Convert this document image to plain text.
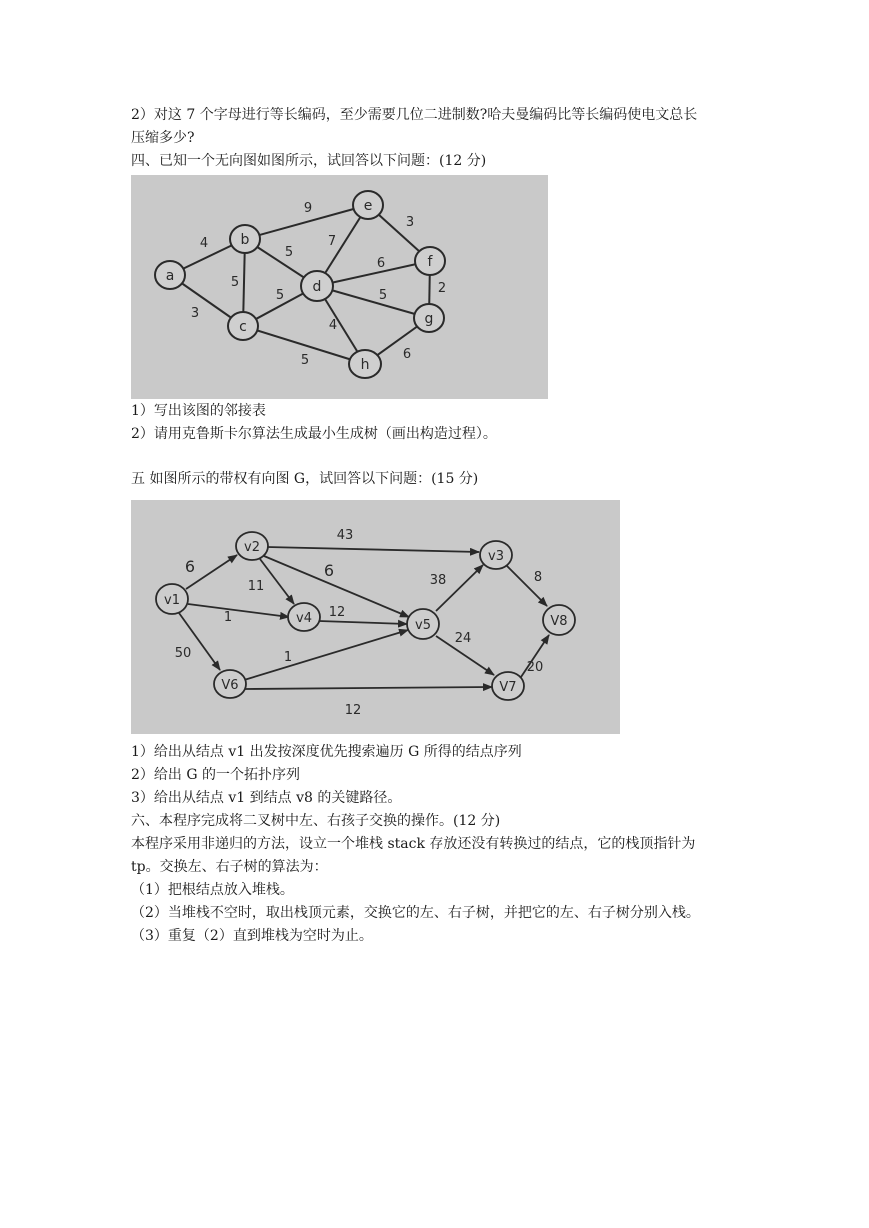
2）对这 7 个字母进行等长编码，至少需要几位二进制数?哈夫曼编码比等长编码使电文总长
压缩多少?
四、已知一个无向图如图所示，试回答以下问题：(12 分)
a
b
c
d
e
f
g
h
4
3
5
5
9
5
5
7
6
5
4
3
2
6
1）写出该图的邻接表
2）请用克鲁斯卡尔算法生成最小生成树（画出构造过程）。
五 如图所示的带权有向图 G，试回答以下问题：(15 分)
v1
v2
v3
v4	v5
V6	V7
V8
6
1
50
43
11
6
12
1
12
38
24
8
20
1）给出从结点 v1 出发按深度优先搜索遍历 G 所得的结点序列
2）给出 G 的一个拓扑序列
3）给出从结点 v1 到结点 v8 的关键路径。
六、本程序完成将二叉树中左、右孩子交换的操作。(12 分)
本程序采用非递归的方法，设立一个堆栈 stack 存放还没有转换过的结点，它的栈顶指针为
tp。交换左、右子树的算法为：
（1）把根结点放入堆栈。
（2）当堆栈不空时，取出栈顶元素，交换它的左、右子树，并把它的左、右子树分别入栈。
（3）重复（2）直到堆栈为空时为止。
